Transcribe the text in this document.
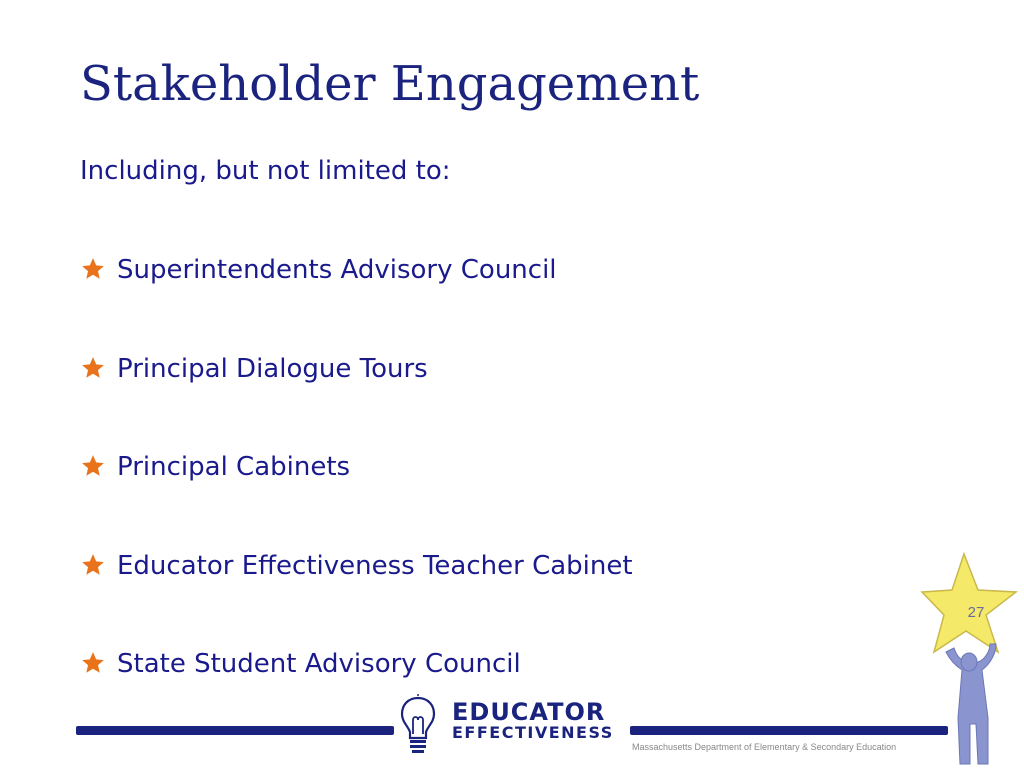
Stakeholder Engagement
Including, but not limited to:
Superintendents Advisory Council
Principal Dialogue Tours
Principal Cabinets
Educator Effectiveness Teacher Cabinet
State Student Advisory Council
EDUCATOR
EFFECTIVENESS
Massachusetts Department of Elementary & Secondary Education
27
